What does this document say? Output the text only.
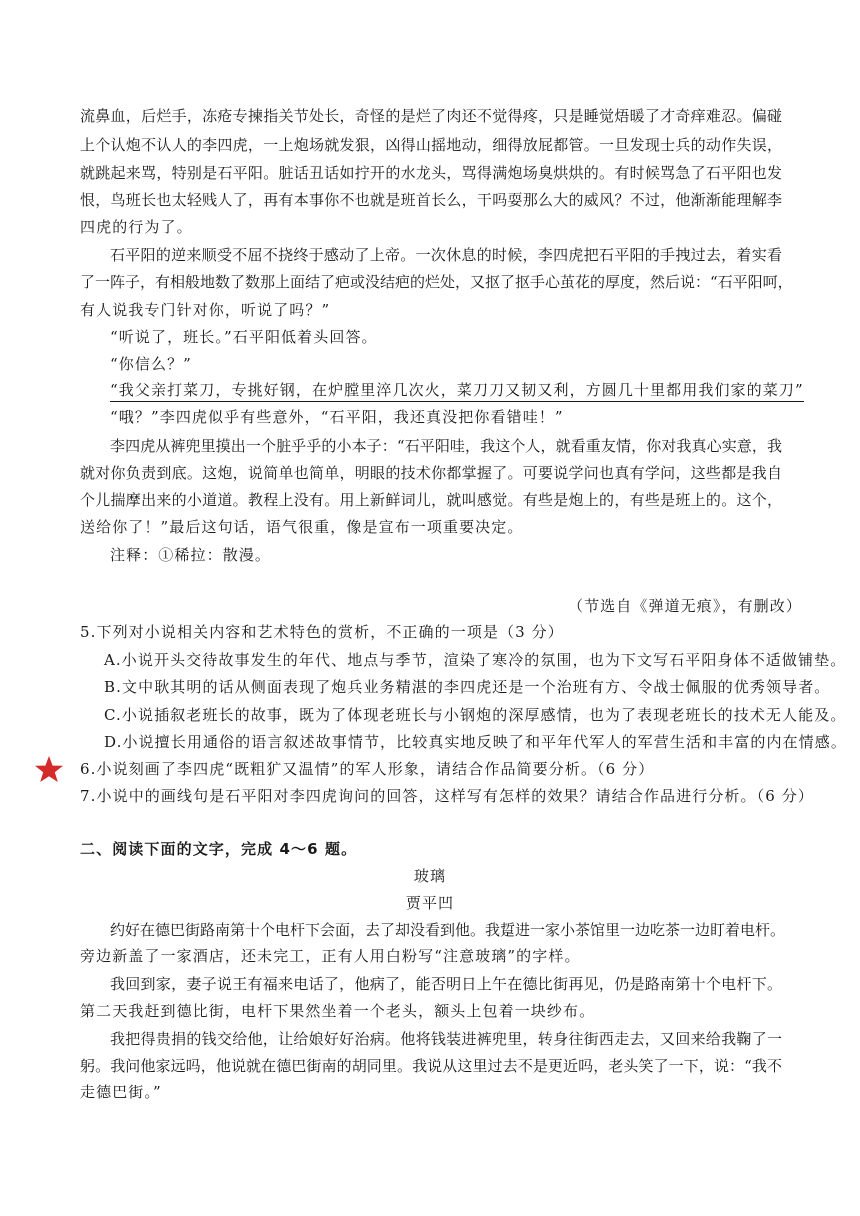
流鼻血，后烂手，冻疮专揀指关节处长，奇怪的是烂了肉还不觉得疼，只是睡觉焐暖了才奇痒难忍。偏碰
上个认炮不认人的李四虎，一上炮场就发狠，凶得山摇地动，细得放屁都管。一旦发现士兵的动作失误，
就跳起来骂，特别是石平阳。脏话丑话如拧开的水龙头，骂得满炮场臭烘烘的。有时候骂急了石平阳也发
恨，鸟班长也太轻贱人了，再有本事你不也就是班首长么，干吗耍那么大的威风？不过，他渐渐能理解李
四虎的行为了。
石平阳的逆来顺受不屈不挠终于感动了上帝。一次休息的时候，李四虎把石平阳的手拽过去，着实看
了一阵子，有相般地数了数那上面结了疤或没结疤的烂处，又抠了抠手心茧花的厚度，然后说：“石平阳呵，
有人说我专门针对你，听说了吗？”
“听说了，班长。”石平阳低着头回答。
“你信么？”
“我父亲打菜刀，专挑好钢，在炉膛里淬几次火，菜刀刀又韧又利，方圆几十里都用我们家的菜刀”
“哦？”李四虎似乎有些意外，“石平阳，我还真没把你看错哇！”
李四虎从裤兜里摸出一个脏乎乎的小本子：“石平阳哇，我这个人，就看重友情，你对我真心实意，我
就对你负责到底。这炮，说简单也简单，明眼的技术你都掌握了。可要说学问也真有学问，这些都是我自
个儿揣摩出来的小道道。教程上没有。用上新鲜词儿，就叫感觉。有些是炮上的，有些是班上的。这个，
送给你了！”最后这句话，语气很重，像是宣布一项重要决定。
注释：①稀拉：散漫。
（节选自《弹道无痕》，有删改）
5.下列对小说相关内容和艺术特色的赏析，不正确的一项是（3 分）
A.小说开头交待故事发生的年代、地点与季节，渲染了寒冷的氛围，也为下文写石平阳身体不适做铺垫。
B.文中耿其明的话从侧面表现了炮兵业务精湛的李四虎还是一个治班有方、令战士佩服的优秀领导者。
C.小说插叙老班长的故事，既为了体现老班长与小钢炮的深厚感情，也为了表现老班长的技术无人能及。
D.小说擅长用通俗的语言叙述故事情节，比较真实地反映了和平年代军人的军营生活和丰富的内在情感。
6.小说刻画了李四虎“既粗犷又温情”的军人形象，请结合作品简要分析。（6 分）
7.小说中的画线句是石平阳对李四虎询问的回答，这样写有怎样的效果？请结合作品进行分析。（6 分）
二、阅读下面的文字，完成 4～6 题。
玻璃
贾平凹
约好在德巴街路南第十个电杆下会面，去了却没看到他。我踅进一家小茶馆里一边吃茶一边盯着电杆。
旁边新盖了一家酒店，还未完工，正有人用白粉写“注意玻璃”的字样。
我回到家，妻子说王有福来电话了，他病了，能否明日上午在德比街再见，仍是路南第十个电杆下。
第二天我赶到德比街，电杆下果然坐着一个老头，额头上包着一块纱布。
我把得贵捐的钱交给他，让给娘好好治病。他将钱装进裤兜里，转身往街西走去，又回来给我鞠了一
躬。我问他家远吗，他说就在德巴街南的胡同里。我说从这里过去不是更近吗，老头笑了一下，说：“我不
走德巴街。”
